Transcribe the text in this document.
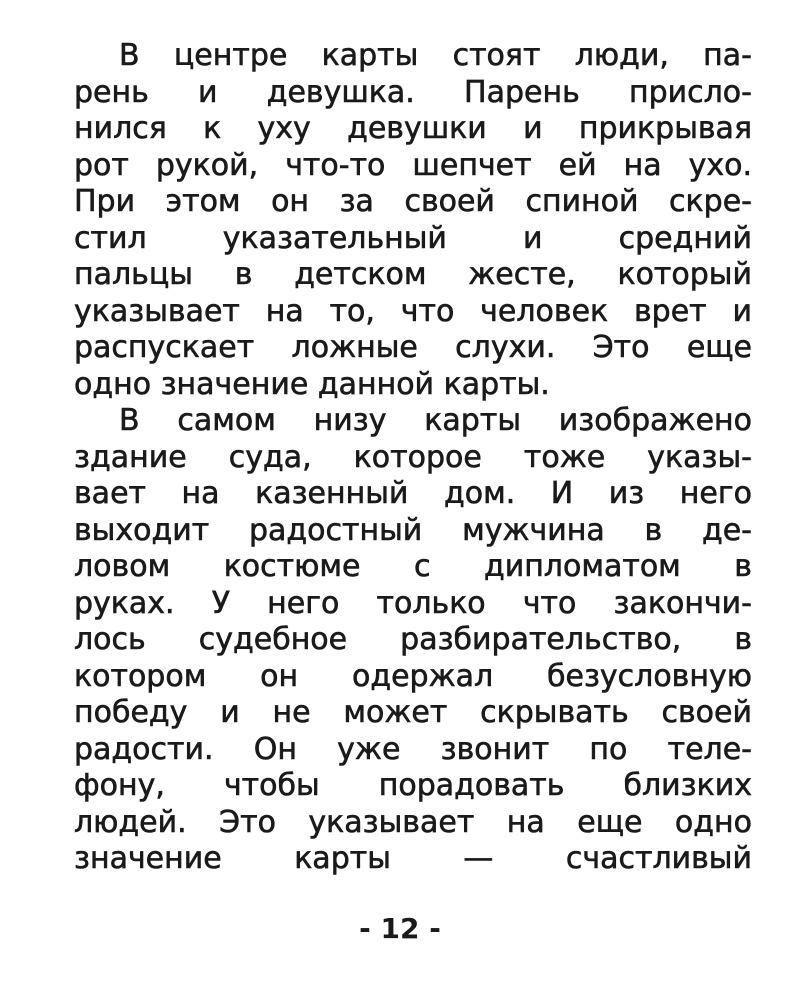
В центре карты стоят люди, па-
рень и девушка. Парень присло-
нился к уху девушки и прикрывая
рот рукой, что-то шепчет ей на ухо.
При этом он за своей спиной скре-
стил указательный и средний
пальцы в детском жесте, который
указывает на то, что человек врет и
распускает ложные слухи. Это еще
одно значение данной карты.
В самом низу карты изображено
здание суда, которое тоже указы-
вает на казенный дом. И из него
выходит радостный мужчина в де-
ловом костюме с дипломатом в
руках. У него только что закончи-
лось судебное разбирательство, в
котором он одержал безусловную
победу и не может скрывать своей
радости. Он уже звонит по теле-
фону, чтобы порадовать близких
людей. Это указывает на еще одно
значение карты — счастливый
- 12 -
